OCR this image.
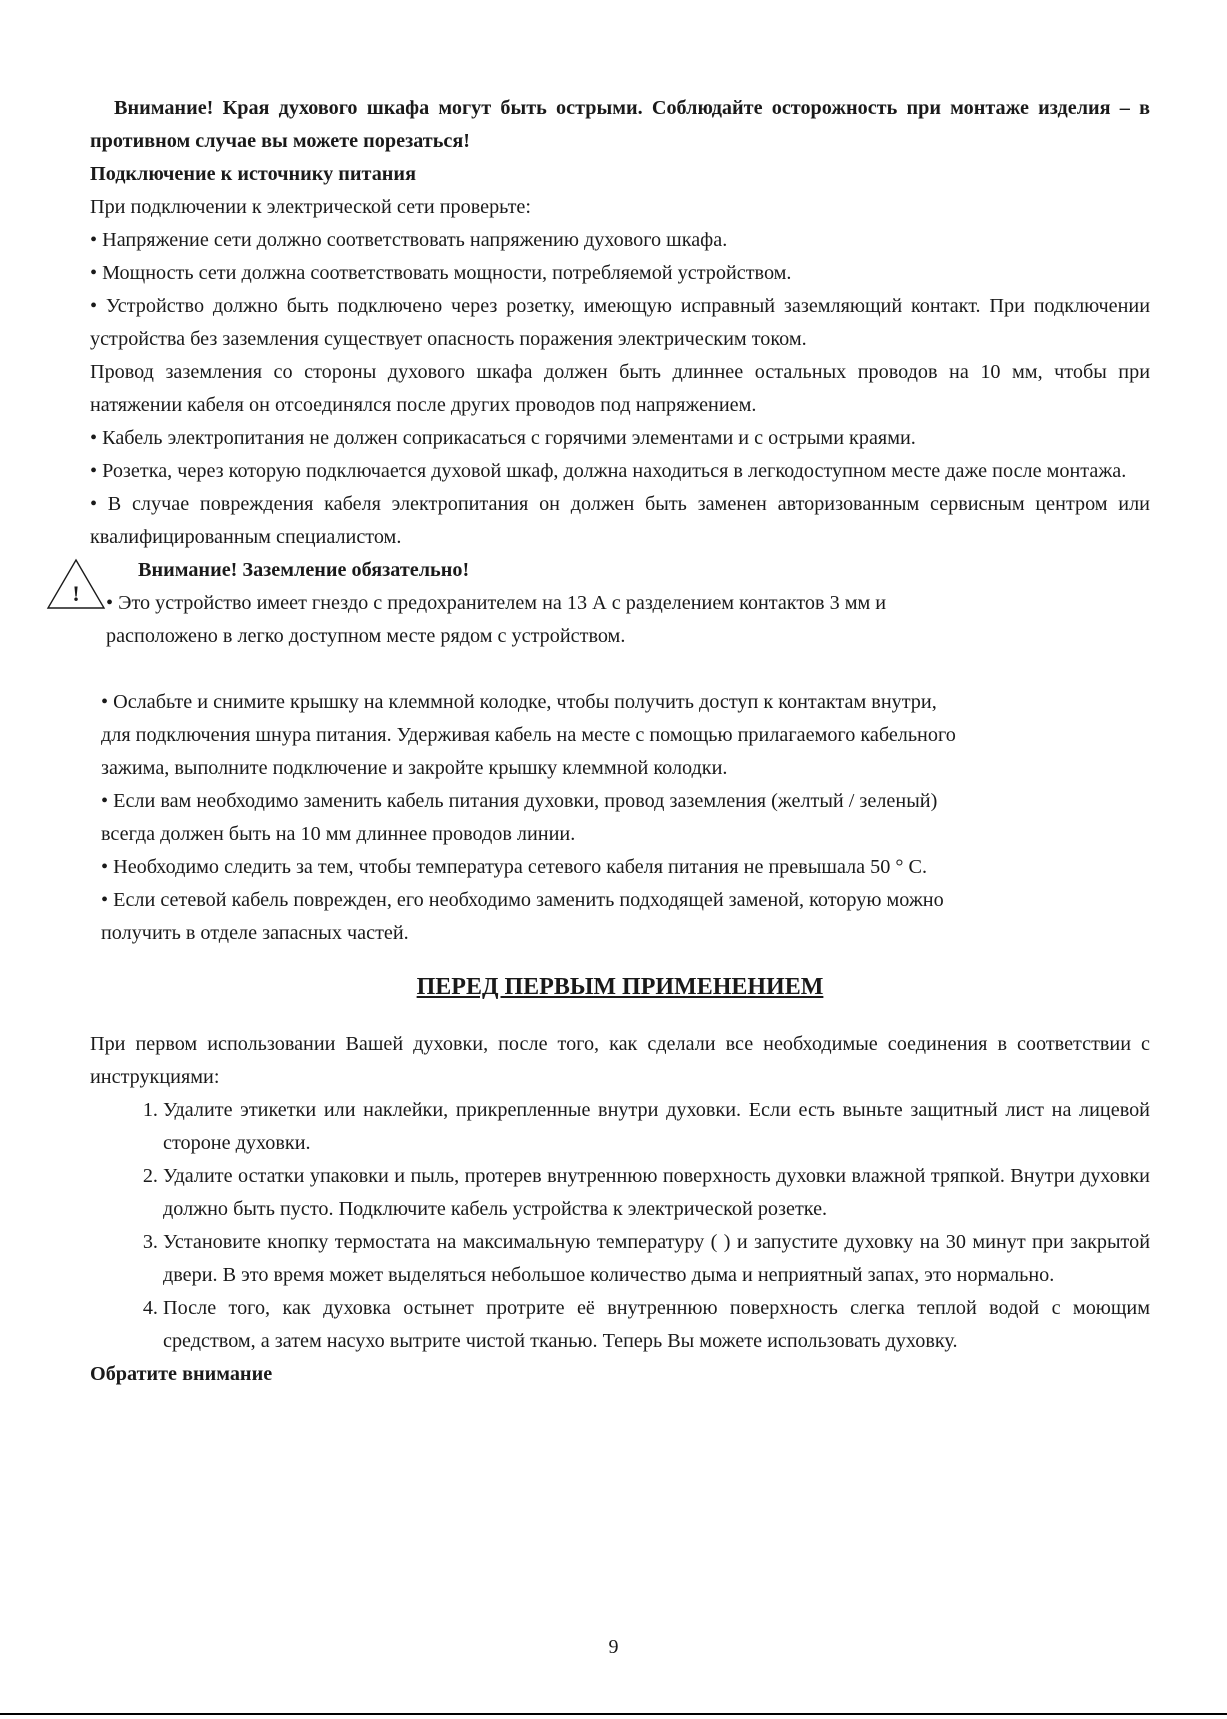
Внимание! Края духового шкафа могут быть острыми. Соблюдайте осторожность при монтаже изделия – в противном случае вы можете порезаться!

Подключение к источнику питания

При подключении к электрической сети проверьте:

• Напряжение сети должно соответствовать напряжению духового шкафа.

• Мощность сети должна соответствовать мощности, потребляемой устройством.

• Устройство должно быть подключено через розетку, имеющую исправный заземляющий контакт. При подключении устройства без заземления существует опасность поражения электрическим током.

Провод заземления со стороны духового шкафа должен быть длиннее остальных проводов на 10 мм, чтобы при натяжении кабеля он отсоединялся после других проводов под напряжением.

• Кабель электропитания не должен соприкасаться с горячими элементами и с острыми краями.

• Розетка, через которую подключается духовой шкаф, должна находиться в легкодоступном месте даже после монтажа.

• В случае повреждения кабеля электропитания он должен быть заменен авторизованным сервисным центром или квалифицированным специалистом.

!

Внимание! Заземление обязательно!

• Это устройство имеет гнездо с предохранителем на 13 А с разделением контактов 3 мм и

расположено в легко доступном месте рядом с устройством.

• Ослабьте и снимите крышку на клеммной колодке, чтобы получить доступ к контактам внутри,

для подключения шнура питания. Удерживая кабель на месте с помощью прилагаемого кабельного

зажима, выполните подключение и закройте крышку клеммной колодки.

• Если вам необходимо заменить кабель питания духовки, провод заземления (желтый / зеленый)

всегда должен быть на 10 мм длиннее проводов линии.

• Необходимо следить за тем, чтобы температура сетевого кабеля питания не превышала 50 ° С.

• Если сетевой кабель поврежден, его необходимо заменить подходящей заменой, которую можно

получить в отделе запасных частей.

ПЕРЕД ПЕРВЫМ ПРИМЕНЕНИЕМ

При первом использовании Вашей духовки, после того, как сделали все необходимые соединения в соответствии с инструкциями:

1. Удалите этикетки или наклейки, прикрепленные внутри духовки. Если есть выньте защитный лист на лицевой стороне духовки.
2. Удалите остатки упаковки и пыль, протерев внутреннюю поверхность духовки влажной тряпкой. Внутри духовки должно быть пусто. Подключите кабель устройства к электрической розетке.
3. Установите кнопку термостата на максимальную температуру ( ) и запустите духовку на 30 минут при закрытой двери. В это время может выделяться небольшое количество дыма и неприятный запах, это нормально.
4. После того, как духовка остынет протрите её внутреннюю поверхность слегка теплой водой с моющим средством, а затем насухо вытрите чистой тканью. Теперь Вы можете использовать духовку.

Обратите внимание

9
